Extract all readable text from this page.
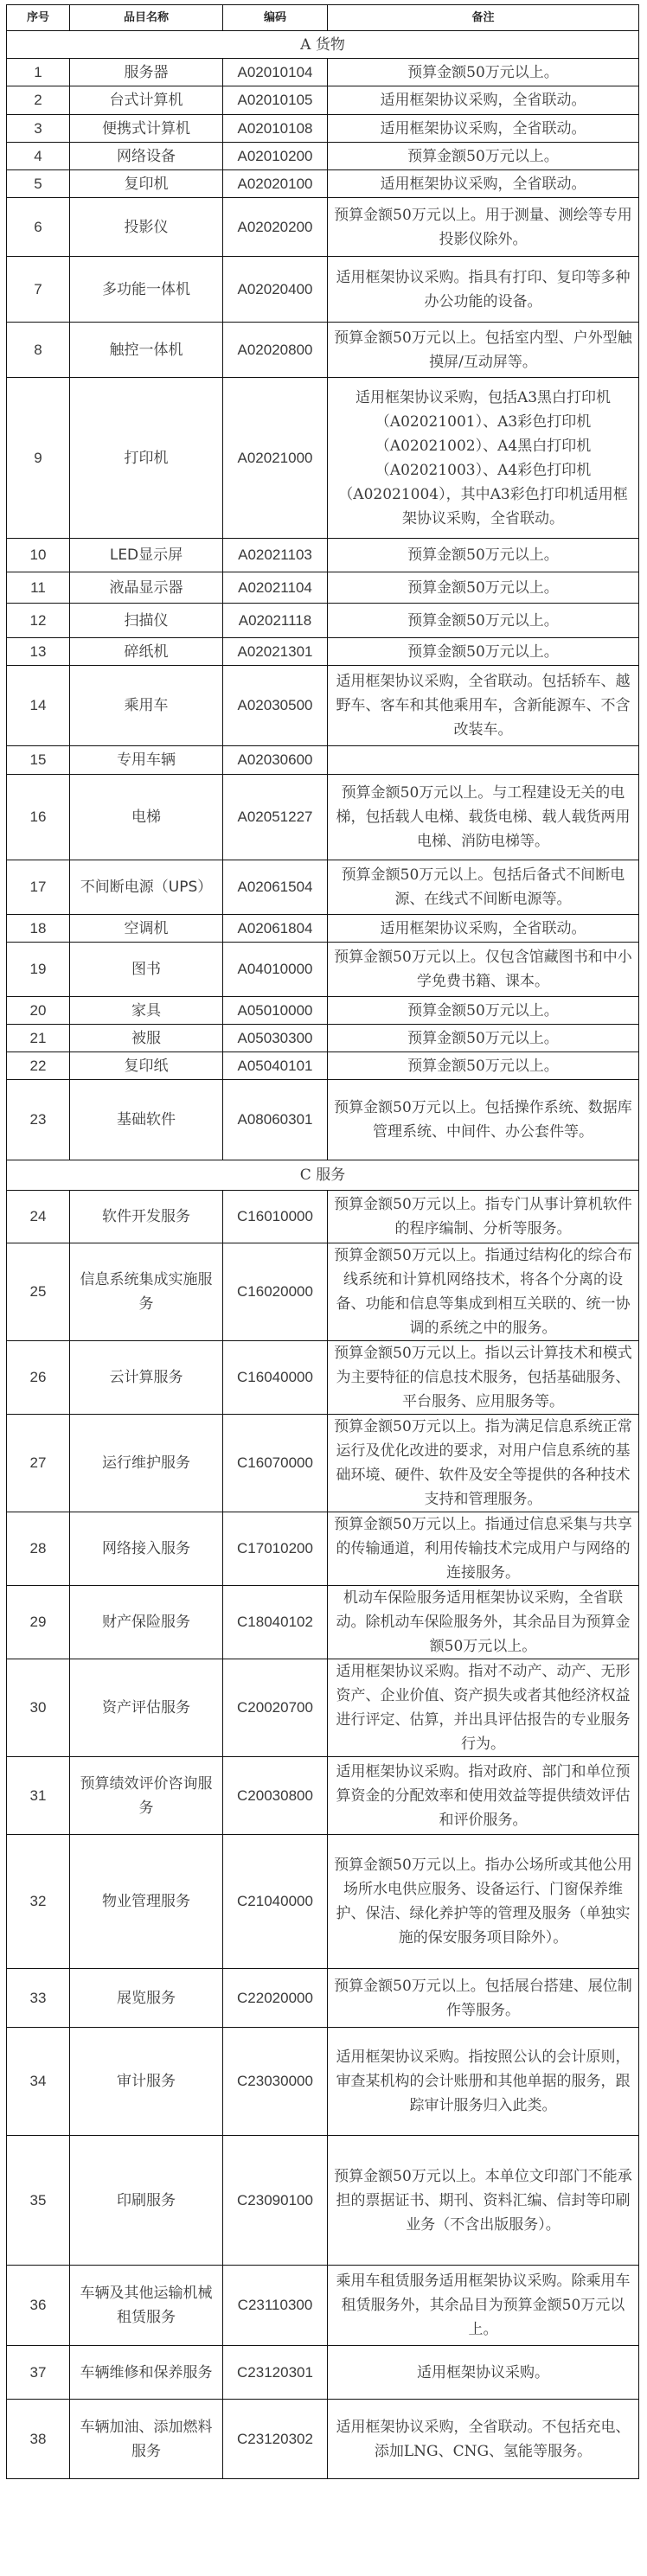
序号	品目名称	编码	备注
A 货物			
1	服务器	A02010104	预算金额50万元以上。
2	台式计算机	A02010105	适用框架协议采购，全省联动。
3	便携式计算机	A02010108	适用框架协议采购，全省联动。
4	网络设备	A02010200	预算金额50万元以上。
5	复印机	A02020100	适用框架协议采购，全省联动。
6	投影仪	A02020200	预算金额50万元以上。用于测量、测绘等专用投影仪除外。
7	多功能一体机	A02020400	适用框架协议采购。指具有打印、复印等多种办公功能的设备。
8	触控一体机	A02020800	预算金额50万元以上。包括室内型、户外型触摸屏/互动屏等。
9	打印机	A02021000	适用框架协议采购，包括A3黑白打印机（A02021001）、A3彩色打印机（A02021002）、A4黑白打印机（A02021003）、A4彩色打印机（A02021004），其中A3彩色打印机适用框架协议采购，全省联动。
10	LED显示屏	A02021103	预算金额50万元以上。
11	液晶显示器	A02021104	预算金额50万元以上。
12	扫描仪	A02021118	预算金额50万元以上。
13	碎纸机	A02021301	预算金额50万元以上。
14	乘用车	A02030500	适用框架协议采购，全省联动。包括轿车、越野车、客车和其他乘用车，含新能源车、不含改装车。
15	专用车辆	A02030600	
16	电梯	A02051227	预算金额50万元以上。与工程建设无关的电梯，包括载人电梯、载货电梯、载人载货两用电梯、消防电梯等。
17	不间断电源（UPS）	A02061504	预算金额50万元以上。包括后备式不间断电源、在线式不间断电源等。
18	空调机	A02061804	适用框架协议采购，全省联动。
19	图书	A04010000	预算金额50万元以上。仅包含馆藏图书和中小学免费书籍、课本。
20	家具	A05010000	预算金额50万元以上。
21	被服	A05030300	预算金额50万元以上。
22	复印纸	A05040101	预算金额50万元以上。
23	基础软件	A08060301	预算金额50万元以上。包括操作系统、数据库管理系统、中间件、办公套件等。
C 服务			
24	软件开发服务	C16010000	预算金额50万元以上。指专门从事计算机软件的程序编制、分析等服务。
25	信息系统集成实施服务	C16020000	预算金额50万元以上。指通过结构化的综合布线系统和计算机网络技术，将各个分离的设备、功能和信息等集成到相互关联的、统一协调的系统之中的服务。
26	云计算服务	C16040000	预算金额50万元以上。指以云计算技术和模式为主要特征的信息技术服务，包括基础服务、平台服务、应用服务等。
27	运行维护服务	C16070000	预算金额50万元以上。指为满足信息系统正常运行及优化改进的要求，对用户信息系统的基础环境、硬件、软件及安全等提供的各种技术支持和管理服务。
28	网络接入服务	C17010200	预算金额50万元以上。指通过信息采集与共享的传输通道，利用传输技术完成用户与网络的连接服务。
29	财产保险服务	C18040102	机动车保险服务适用框架协议采购，全省联动。除机动车保险服务外，其余品目为预算金额50万元以上。
30	资产评估服务	C20020700	适用框架协议采购。指对不动产、动产、无形资产、企业价值、资产损失或者其他经济权益进行评定、估算，并出具评估报告的专业服务行为。
31	预算绩效评价咨询服务	C20030800	适用框架协议采购。指对政府、部门和单位预算资金的分配效率和使用效益等提供绩效评估和评价服务。
32	物业管理服务	C21040000	预算金额50万元以上。指办公场所或其他公用场所水电供应服务、设备运行、门窗保养维护、保洁、绿化养护等的管理及服务（单独实施的保安服务项目除外）。
33	展览服务	C22020000	预算金额50万元以上。包括展台搭建、展位制作等服务。
34	审计服务	C23030000	适用框架协议采购。指按照公认的会计原则，审查某机构的会计账册和其他单据的服务，跟踪审计服务归入此类。
35	印刷服务	C23090100	预算金额50万元以上。本单位文印部门不能承担的票据证书、期刊、资料汇编、信封等印刷业务（不含出版服务）。
36	车辆及其他运输机械租赁服务	C23110300	乘用车租赁服务适用框架协议采购。除乘用车租赁服务外，其余品目为预算金额50万元以上。
37	车辆维修和保养服务	C23120301	适用框架协议采购。
38	车辆加油、添加燃料服务	C23120302	适用框架协议采购，全省联动。不包括充电、添加LNG、CNG、氢能等服务。
